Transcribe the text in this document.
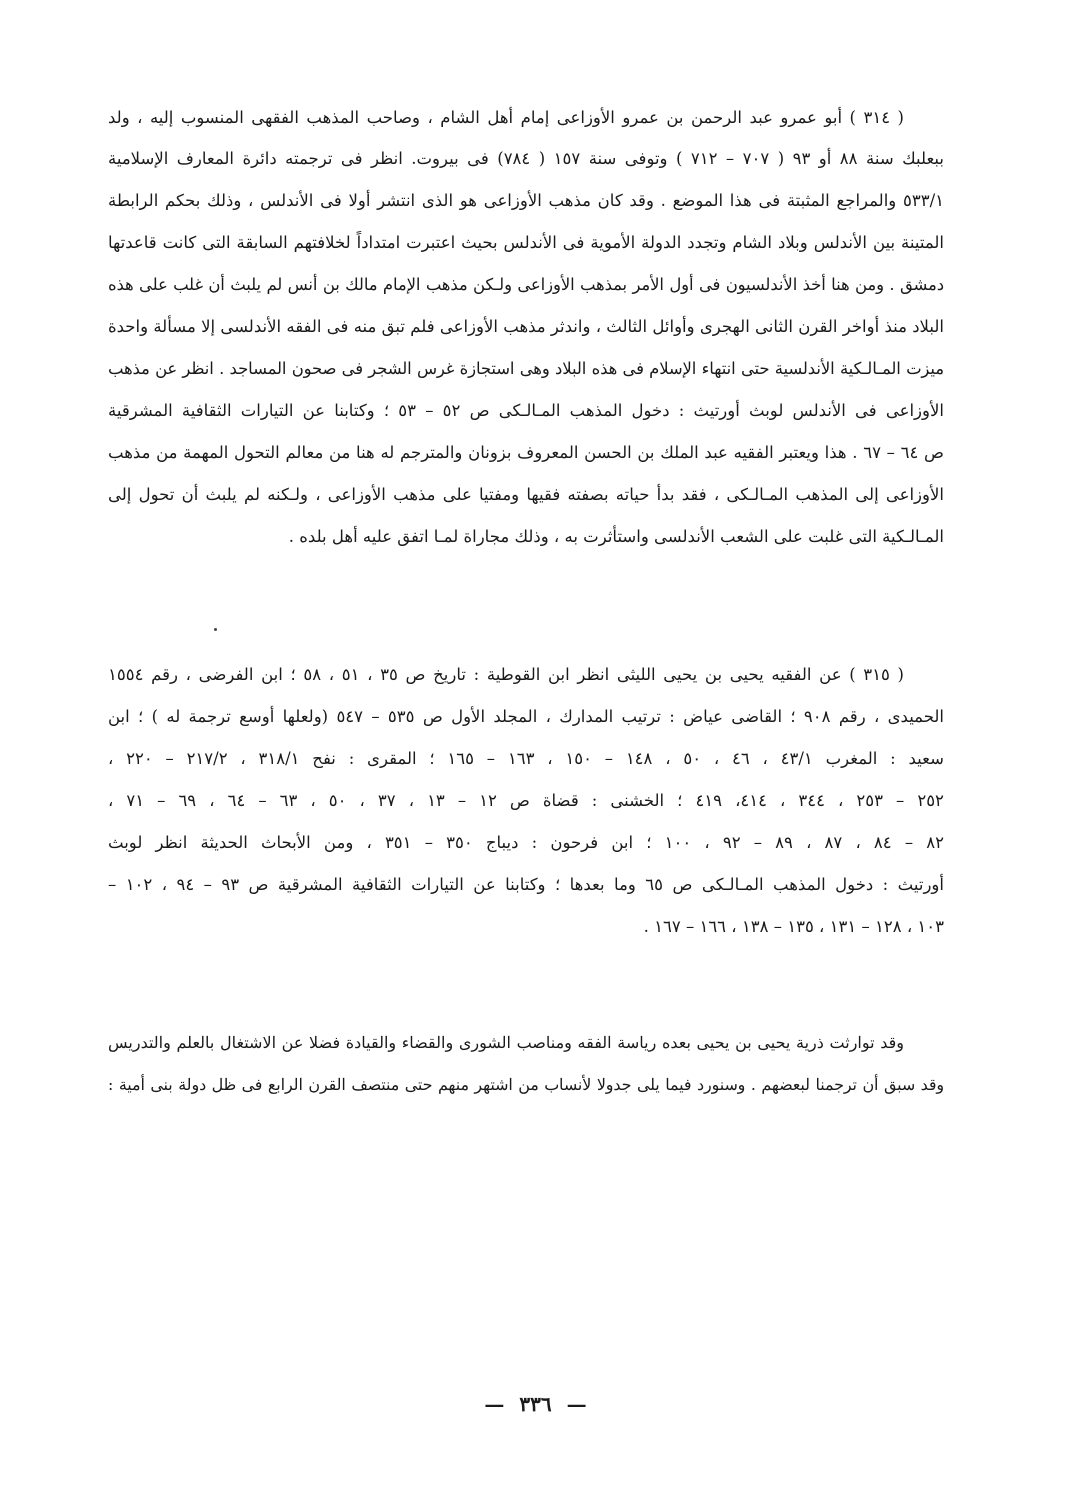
( ٣١٤ ) أبو عمرو عبد الرحمن بن عمرو الأوزاعى إمام أهل الشام ، وصاحب المذهب الفقهى المنسوب إليه ، ولد
ببعلبك سنة ٨٨ أو ٩٣ ( ٧٠٧ – ٧١٢ ) وتوفى سنة ١٥٧ ( ٧٨٤) فى بيروت. انظر فى ترجمته دائرة المعارف الإسلامية
٥٣٣/١ والمراجع المثبتة فى هذا الموضع . وقد كان مذهب الأوزاعى هو الذى انتشر أولا فى الأندلس ، وذلك بحكم الرابطة
المتينة بين الأندلس وبلاد الشام وتجدد الدولة الأموية فى الأندلس بحيث اعتبرت امتداداً لخلافتهم السابقة التى كانت قاعدتها
دمشق . ومن هنا أخذ الأندلسيون فى أول الأمر بمذهب الأوزاعى ولـكن مذهب الإمام مالك بن أنس لم يلبث أن غلب على هذه
البلاد منذ أواخر القرن الثانى الهجرى وأوائل الثالث ، واندثر مذهب الأوزاعى فلم تبق منه فى الفقه الأندلسى إلا مسألة واحدة
ميزت المـالـكية الأندلسية حتى انتهاء الإسلام فى هذه البلاد وهى استجازة غرس الشجر فى صحون المساجد . انظر عن مذهب
الأوزاعى فى الأندلس لوبث أورتيث : دخول المذهب المـالـكى ص ٥٢ – ٥٣ ؛ وكتابنا عن التيارات الثقافية المشرقية
ص ٦٤ – ٦٧ . هذا ويعتبر الفقيه عبد الملك بن الحسن المعروف بزونان والمترجم له هنا من معالم التحول المهمة من مذهب
الأوزاعى إلى المذهب المـالـكى ، فقد بدأ حياته بصفته فقيها ومفتيا على مذهب الأوزاعى ، ولـكنه لم يلبث أن تحول إلى
المـالـكية التى غلبت على الشعب الأندلسى واستأثرت به ، وذلك مجاراة لمـا اتفق عليه أهل بلده .
( ٣١٥ ) عن الفقيه يحيى بن يحيى الليثى انظر ابن القوطية : تاريخ ص ٣٥ ، ٥١ ، ٥٨ ؛ ابن الفرضى ، رقم ١٥٥٤
الحميدى ، رقم ٩٠٨ ؛ القاضى عياض : ترتيب المدارك ، المجلد الأول ص ٥٣٥ – ٥٤٧ (ولعلها أوسع ترجمة له ) ؛ ابن
سعيد : المغرب ٤٣/١ ، ٤٦ ، ٥٠ ، ١٤٨ – ١٥٠ ، ١٦٣ – ١٦٥ ؛ المقرى : نفح ٣١٨/١ ، ٢١٧/٢ – ٢٢٠ ،
٢٥٢ – ٢٥٣ ، ٣٤٤ ، ٤١٤، ٤١٩ ؛ الخشنى : قضاة ص ١٢ – ١٣ ، ٣٧ ، ٥٠ ، ٦٣ – ٦٤ ، ٦٩ – ٧١ ،
٨٢ – ٨٤ ، ٨٧ ، ٨٩ – ٩٢ ، ١٠٠ ؛ ابن فرحون : ديباج ٣٥٠ – ٣٥١ ، ومن الأبحاث الحديثة انظر لوبث
أورتيث : دخول المذهب المـالـكى ص ٦٥ وما بعدها ؛ وكتابنا عن التيارات الثقافية المشرقية ص ٩٣ – ٩٤ ، ١٠٢ –
١٠٣ ، ١٢٨ – ١٣١ ، ١٣٥ – ١٣٨ ، ١٦٦ – ١٦٧ .
وقد توارثت ذرية يحيى بن يحيى بعده رياسة الفقه ومناصب الشورى والقضاء والقيادة فضلا عن الاشتغال بالعلم والتدريس
وقد سبق أن ترجمنا لبعضهم . وسنورد فيما يلى جدولا لأنساب من اشتهر منهم حتى منتصف القرن الرابع فى ظل دولة بنى أمية :
— ٣٣٦ —
